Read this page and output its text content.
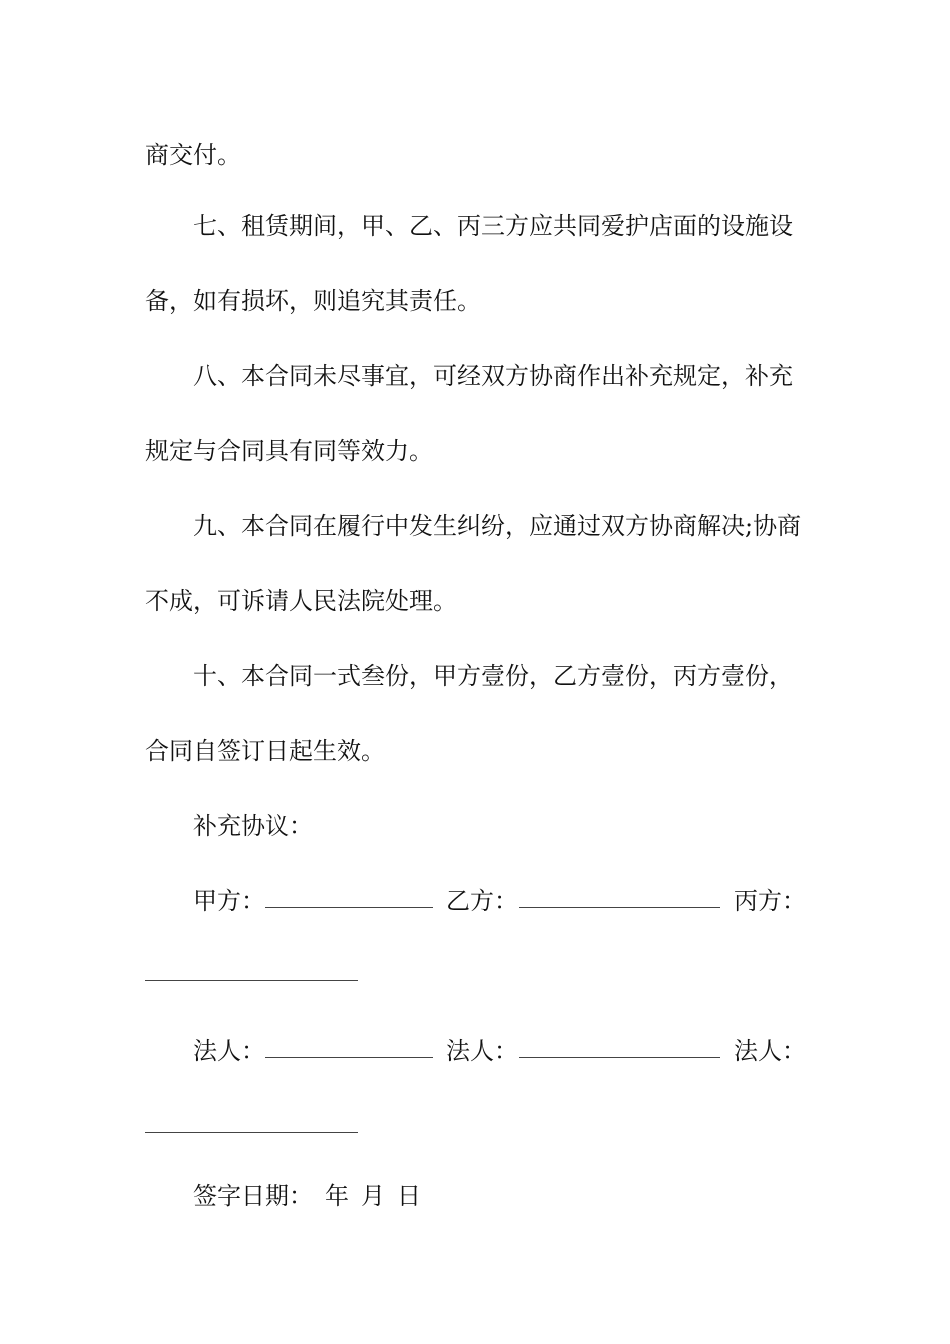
商交付。
七、租赁期间，甲、乙、丙三方应共同爱护店面的设施设
备，如有损坏，则追究其责任。
八、本合同未尽事宜，可经双方协商作出补充规定，补充
规定与合同具有同等效力。
九、本合同在履行中发生纠纷，应通过双方协商解决;协商
不成，可诉请人民法院处理。
十、本合同一式叁份，甲方壹份，乙方壹份，丙方壹份，
合同自签订日起生效。
补充协议：
甲方：	乙方：	丙方：
法人：	法人：	法人：
签字日期： 年 月 日
